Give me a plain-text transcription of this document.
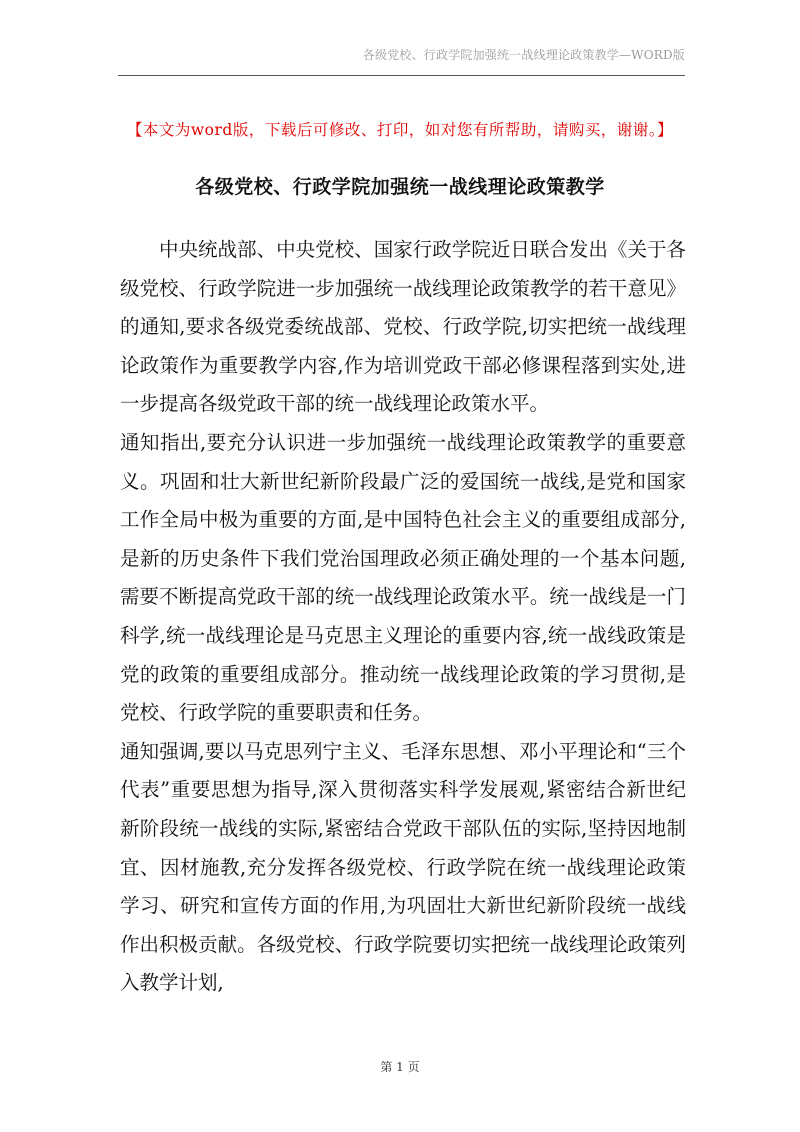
各级党校、行政学院加强统一战线理论政策教学—WORD版
【本文为word版，下载后可修改、打印，如对您有所帮助，请购买，谢谢。】
各级党校、行政学院加强统一战线理论政策教学

中央统战部、中央党校、国家行政学院近日联合发出《关于各级党校、行政学院进一步加强统一战线理论政策教学的若干意见》的通知,要求各级党委统战部、党校、行政学院,切实把统一战线理论政策作为重要教学内容,作为培训党政干部必修课程落到实处,进一步提高各级党政干部的统一战线理论政策水平。

通知指出,要充分认识进一步加强统一战线理论政策教学的重要意义。巩固和壮大新世纪新阶段最广泛的爱国统一战线,是党和国家工作全局中极为重要的方面,是中国特色社会主义的重要组成部分,是新的历史条件下我们党治国理政必须正确处理的一个基本问题,需要不断提高党政干部的统一战线理论政策水平。统一战线是一门科学,统一战线理论是马克思主义理论的重要内容,统一战线政策是党的政策的重要组成部分。推动统一战线理论政策的学习贯彻,是党校、行政学院的重要职责和任务。

通知强调,要以马克思列宁主义、毛泽东思想、邓小平理论和“三个代表”重要思想为指导,深入贯彻落实科学发展观,紧密结合新世纪新阶段统一战线的实际,紧密结合党政干部队伍的实际,坚持因地制宜、因材施教,充分发挥各级党校、行政学院在统一战线理论政策学习、研究和宣传方面的作用,为巩固壮大新世纪新阶段统一战线作出积极贡献。各级党校、行政学院要切实把统一战线理论政策列入教学计划,

第 1 页
